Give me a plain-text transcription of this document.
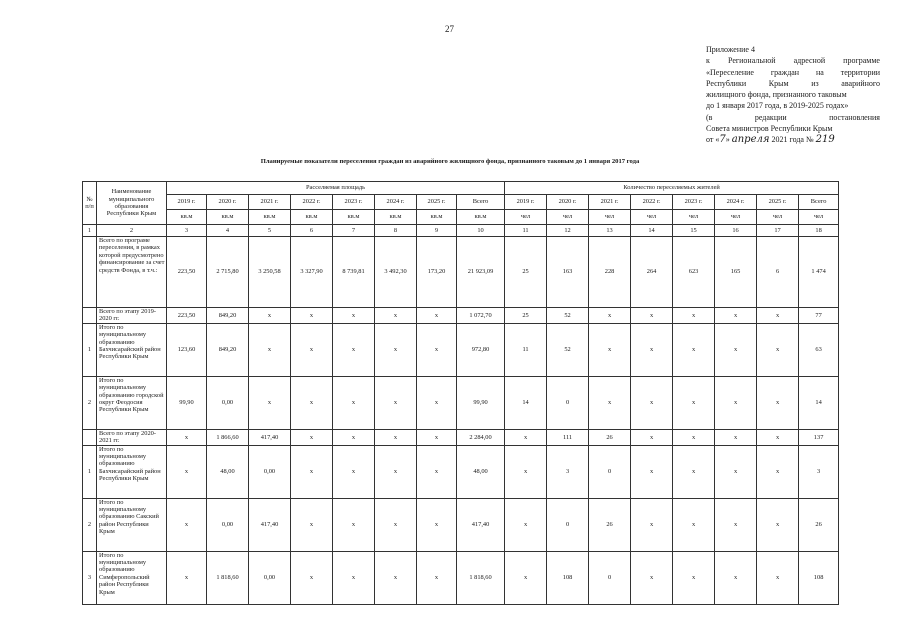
27
Приложение 4
к Региональной адресной программе
«Переселение граждан на территории
Республики	Крым	из	аварийного
жилищного фонда, признанного таковым
до 1 января 2017 года, в 2019-2025 годах»
(в	редакции	постановления
Совета министров Республики Крым
от «7» апреля 2021 года № 219
Планируемые показатели переселения граждан из аварийного жилищного фонда, признанного таковым до 1 января 2017 года
№ п/п	Наименование муниципального образования Республики Крым	Расселяемая площадь								Количество переселяемых жителей							
		2019 г.	2020 г.	2021 г.	2022 г.	2023 г.	2024 г.	2025 г.	Всего	2019 г.	2020 г.	2021 г.	2022 г.	2023 г.	2024 г.	2025 г.	Всего
		кв.м	кв.м	кв.м	кв.м	кв.м	кв.м	кв.м	кв.м	чел	чел	чел	чел	чел	чел	чел	чел
1	2	3	4	5	6	7	8	9	10	11	12	13	14	15	16	17	18
	Всего по програме переселения, в рамках которой предусмотрено финансирование за счет средств Фонда, в т.ч.:	223,50	2 715,80	3 250,58	3 327,90	8 739,81	3 492,30	173,20	21 923,09	25	163	228	264	623	165	6	1 474
	Всего по этапу 2019-2020 гг.	223,50	849,20	x	x	x	x	x	1 072,70	25	52	x	x	x	x	x	77
1	Итого по муниципальному образованию Бахчисарайский район Республики Крым	123,60	849,20	x	x	x	x	x	972,80	11	52	x	x	x	x	x	63
2	Итого по муниципальному образованию городской округ Феодосия Республики Крым	99,90	0,00	x	x	x	x	x	99,90	14	0	x	x	x	x	x	14
	Всего по этапу 2020-2021 гг.	x	1 866,60	417,40	x	x	x	x	2 284,00	x	111	26	x	x	x	x	137
1	Итого по муниципальному образованию Бахчисарайский район Республики Крым	x	48,00	0,00	x	x	x	x	48,00	x	3	0	x	x	x	x	3
2	Итого по муниципальному образованию Сакский район Республики Крым	x	0,00	417,40	x	x	x	x	417,40	x	0	26	x	x	x	x	26
3	Итого по муниципальному образованию Симферопольский район Республики Крым	x	1 818,60	0,00	x	x	x	x	1 818,60	x	108	0	x	x	x	x	108
